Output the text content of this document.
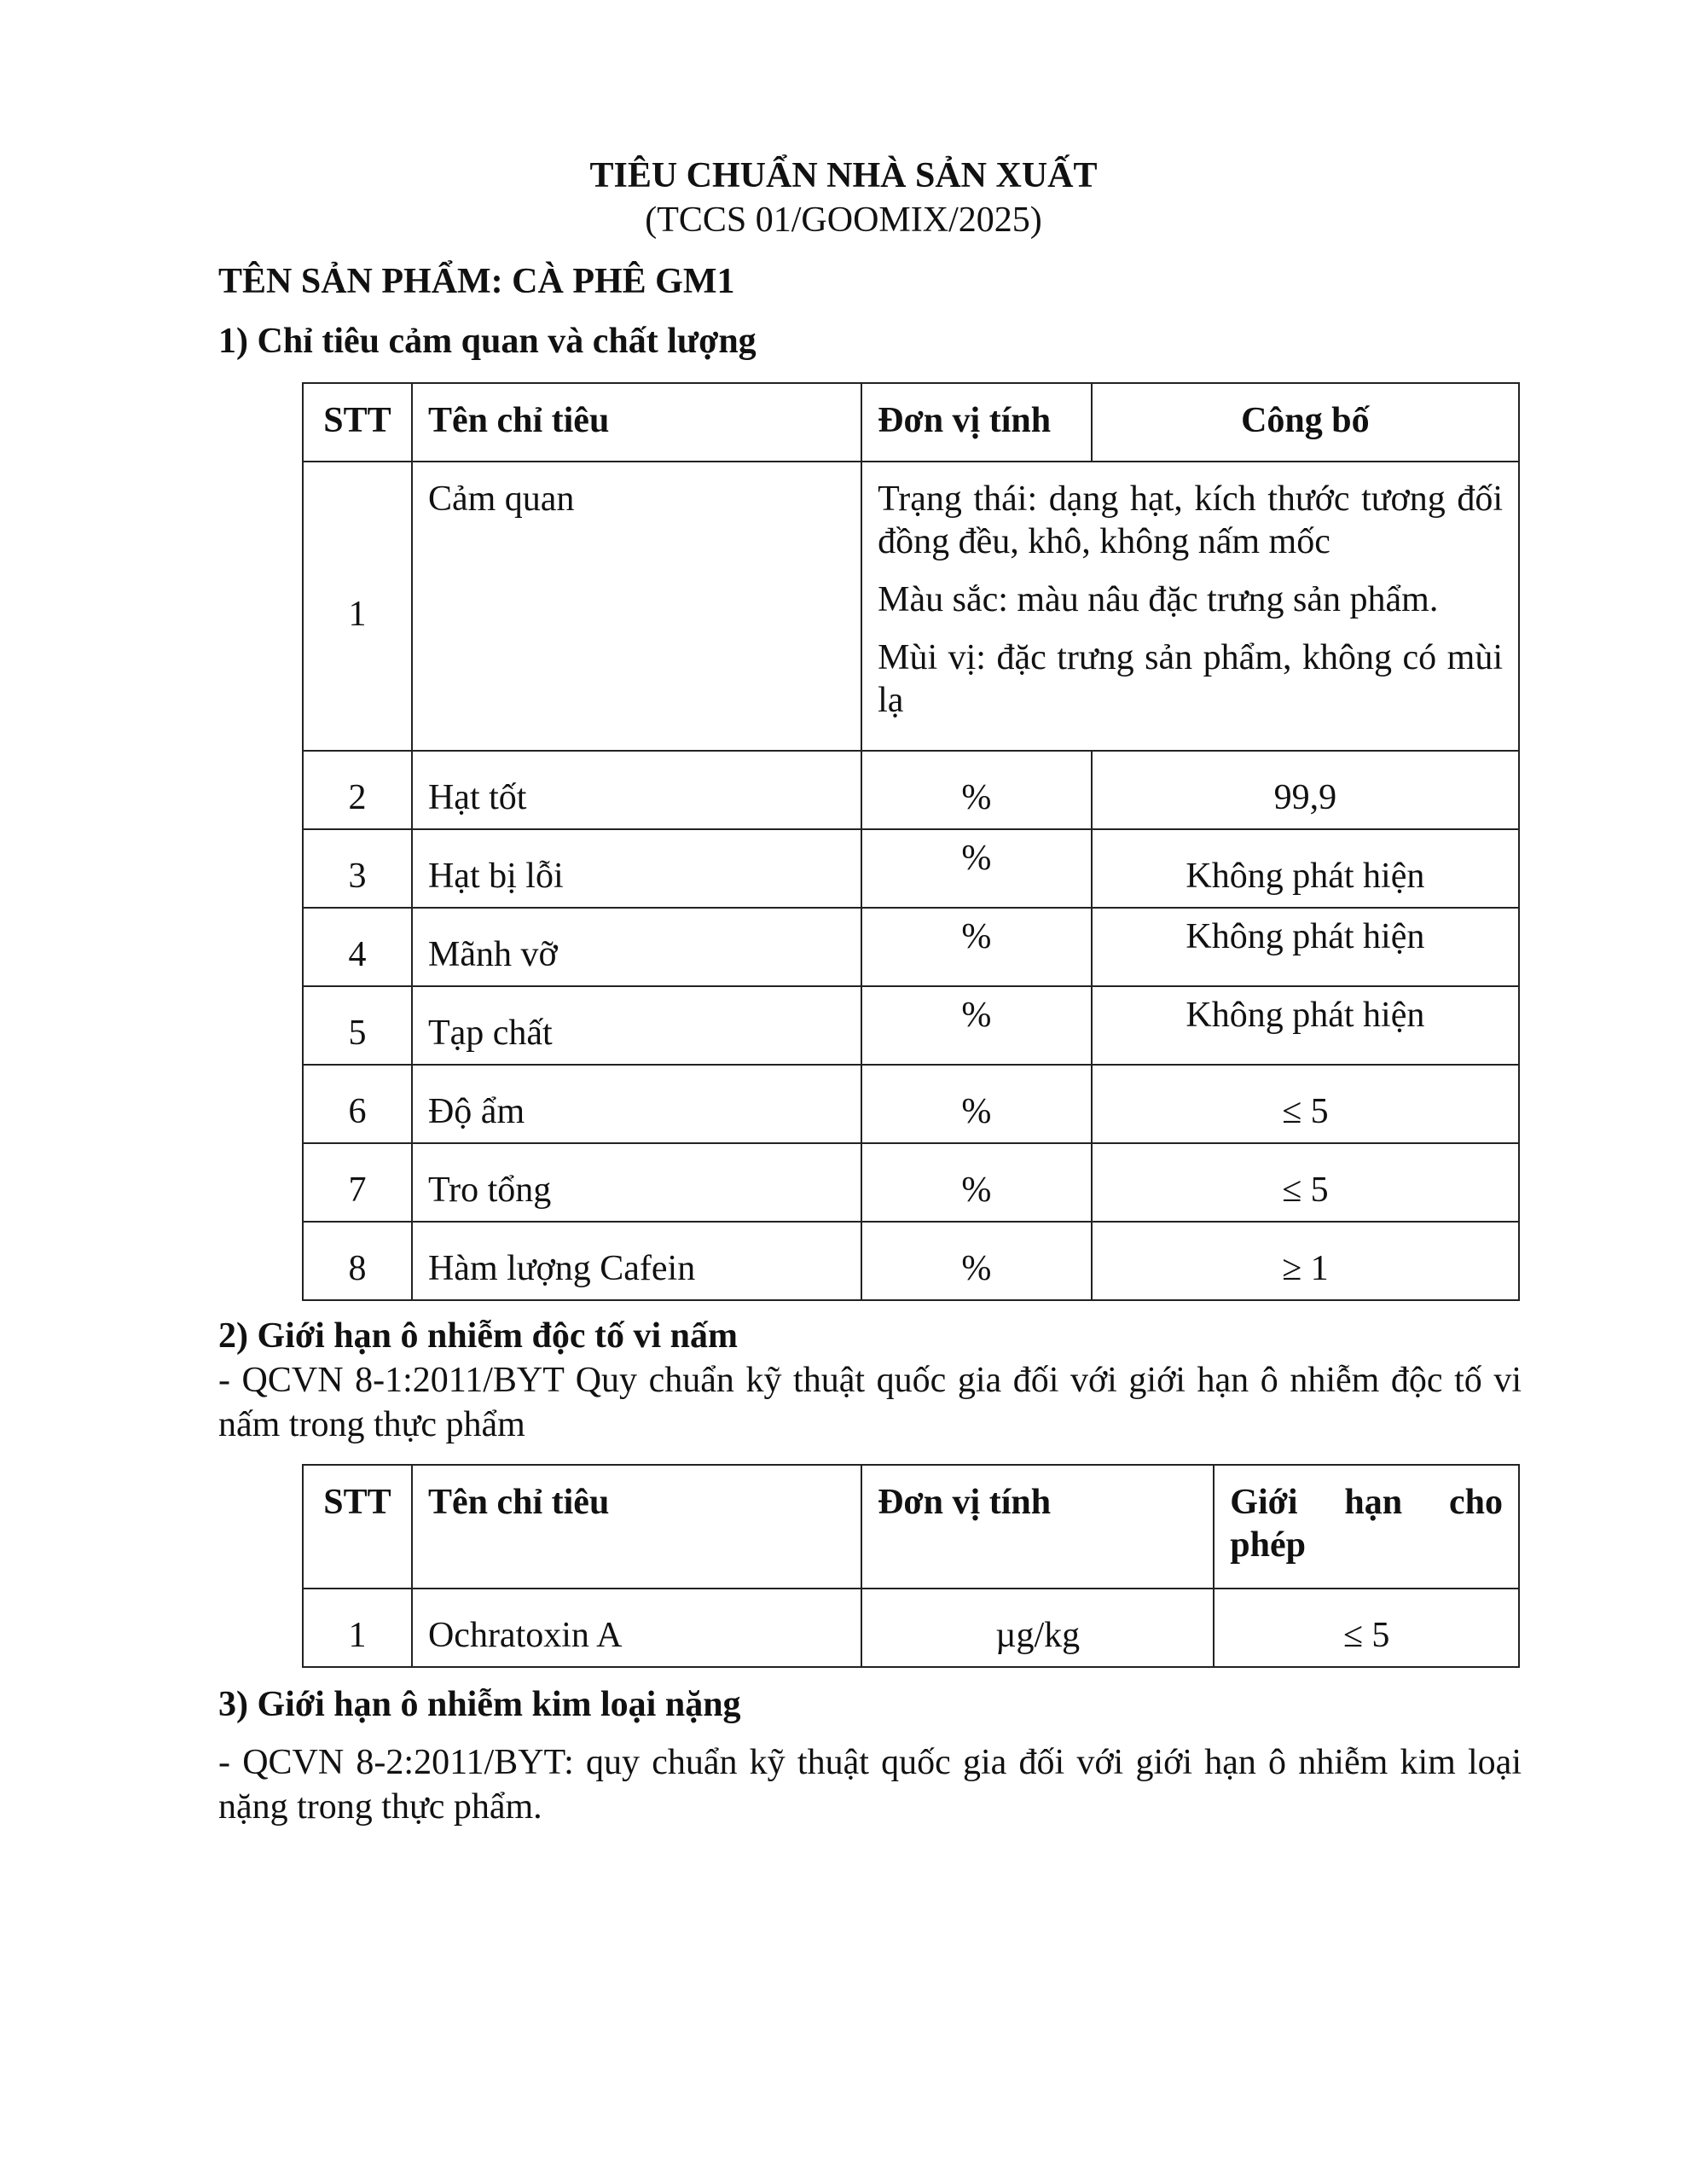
TIÊU CHUẨN NHÀ SẢN XUẤT
(TCCS 01/GOOMIX/2025)
TÊN SẢN PHẨM: CÀ PHÊ GM1
1) Chỉ tiêu cảm quan và chất lượng
STT	Tên chỉ tiêu	Đơn vị tính	Công bố
1	Cảm quan	Trạng thái: dạng hạt, kích thước tương đối đồng đều, khô, không nấm mốc
Màu sắc: màu nâu đặc trưng sản phẩm.
Mùi vị: đặc trưng sản phẩm, không có mùi lạ	

2	Hạt tốt	%	99,9
3	Hạt bị lỗi	%	Không phát hiện
4	Mãnh vỡ	%	Không phát hiện
5	Tạp chất	%	Không phát hiện
6	Độ ẩm	%	≤ 5
7	Tro tổng	%	≤ 5
8	Hàm lượng Cafein	%	≥ 1
2) Giới hạn ô nhiễm độc tố vi nấm
- QCVN 8-1:2011/BYT Quy chuẩn kỹ thuật quốc gia đối với giới hạn ô nhiễm độc tố vi nấm trong thực phẩm
STT	Tên chỉ tiêu	Đơn vị tính	Giới hạn cho
phép

1	Ochratoxin A	µg/kg	≤ 5
3) Giới hạn ô nhiễm kim loại nặng
- QCVN 8-2:2011/BYT: quy chuẩn kỹ thuật quốc gia đối với giới hạn ô nhiễm kim loại nặng trong thực phẩm.
